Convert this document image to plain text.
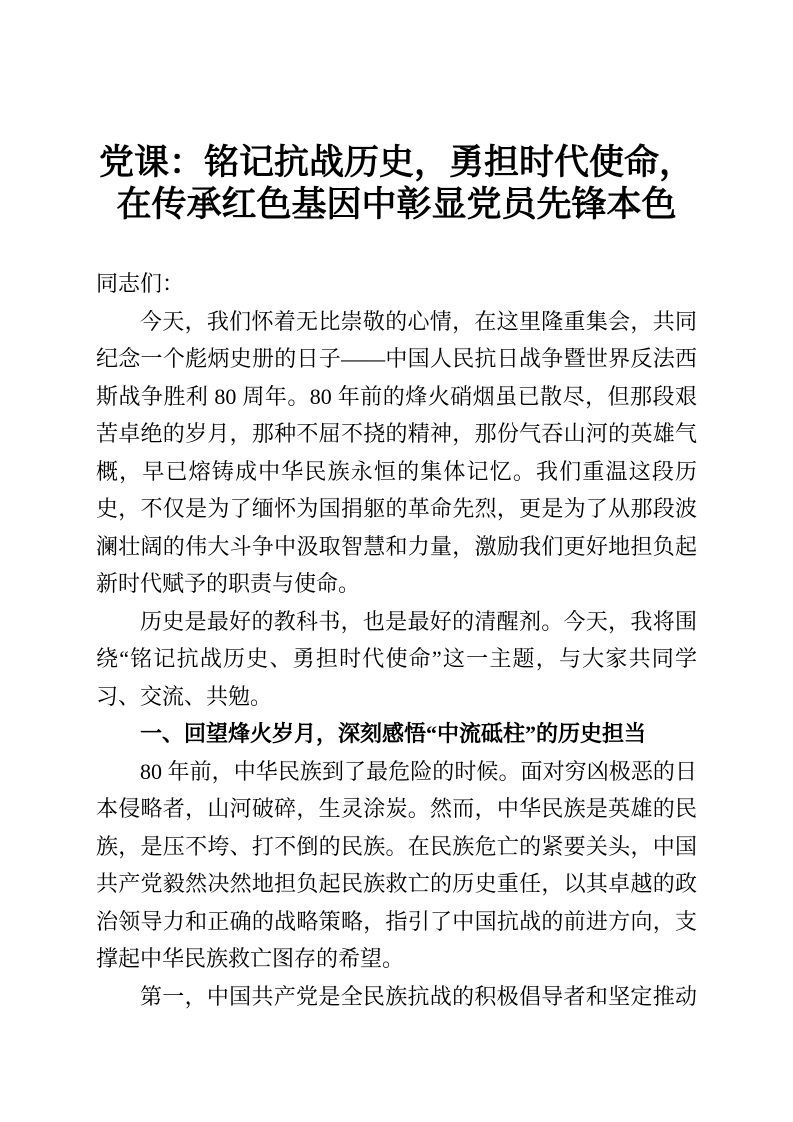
党课：铭记抗战历史，勇担时代使命，
在传承红色基因中彰显党员先锋本色

同志们：

今天，我们怀着无比崇敬的心情，在这里隆重集会，共同纪念一个彪炳史册的日子——中国人民抗日战争暨世界反法西斯战争胜利 80 周年。80 年前的烽火硝烟虽已散尽，但那段艰苦卓绝的岁月，那种不屈不挠的精神，那份气吞山河的英雄气概，早已熔铸成中华民族永恒的集体记忆。我们重温这段历史，不仅是为了缅怀为国捐躯的革命先烈，更是为了从那段波澜壮阔的伟大斗争中汲取智慧和力量，激励我们更好地担负起新时代赋予的职责与使命。

历史是最好的教科书，也是最好的清醒剂。今天，我将围绕“铭记抗战历史、勇担时代使命”这一主题，与大家共同学习、交流、共勉。

一、回望烽火岁月，深刻感悟“中流砥柱”的历史担当

80 年前，中华民族到了最危险的时候。面对穷凶极恶的日本侵略者，山河破碎，生灵涂炭。然而，中华民族是英雄的民族，是压不垮、打不倒的民族。在民族危亡的紧要关头，中国共产党毅然决然地担负起民族救亡的历史重任，以其卓越的政治领导力和正确的战略策略，指引了中国抗战的前进方向，支撑起中华民族救亡图存的希望。

第一，中国共产党是全民族抗战的积极倡导者和坚定推动
